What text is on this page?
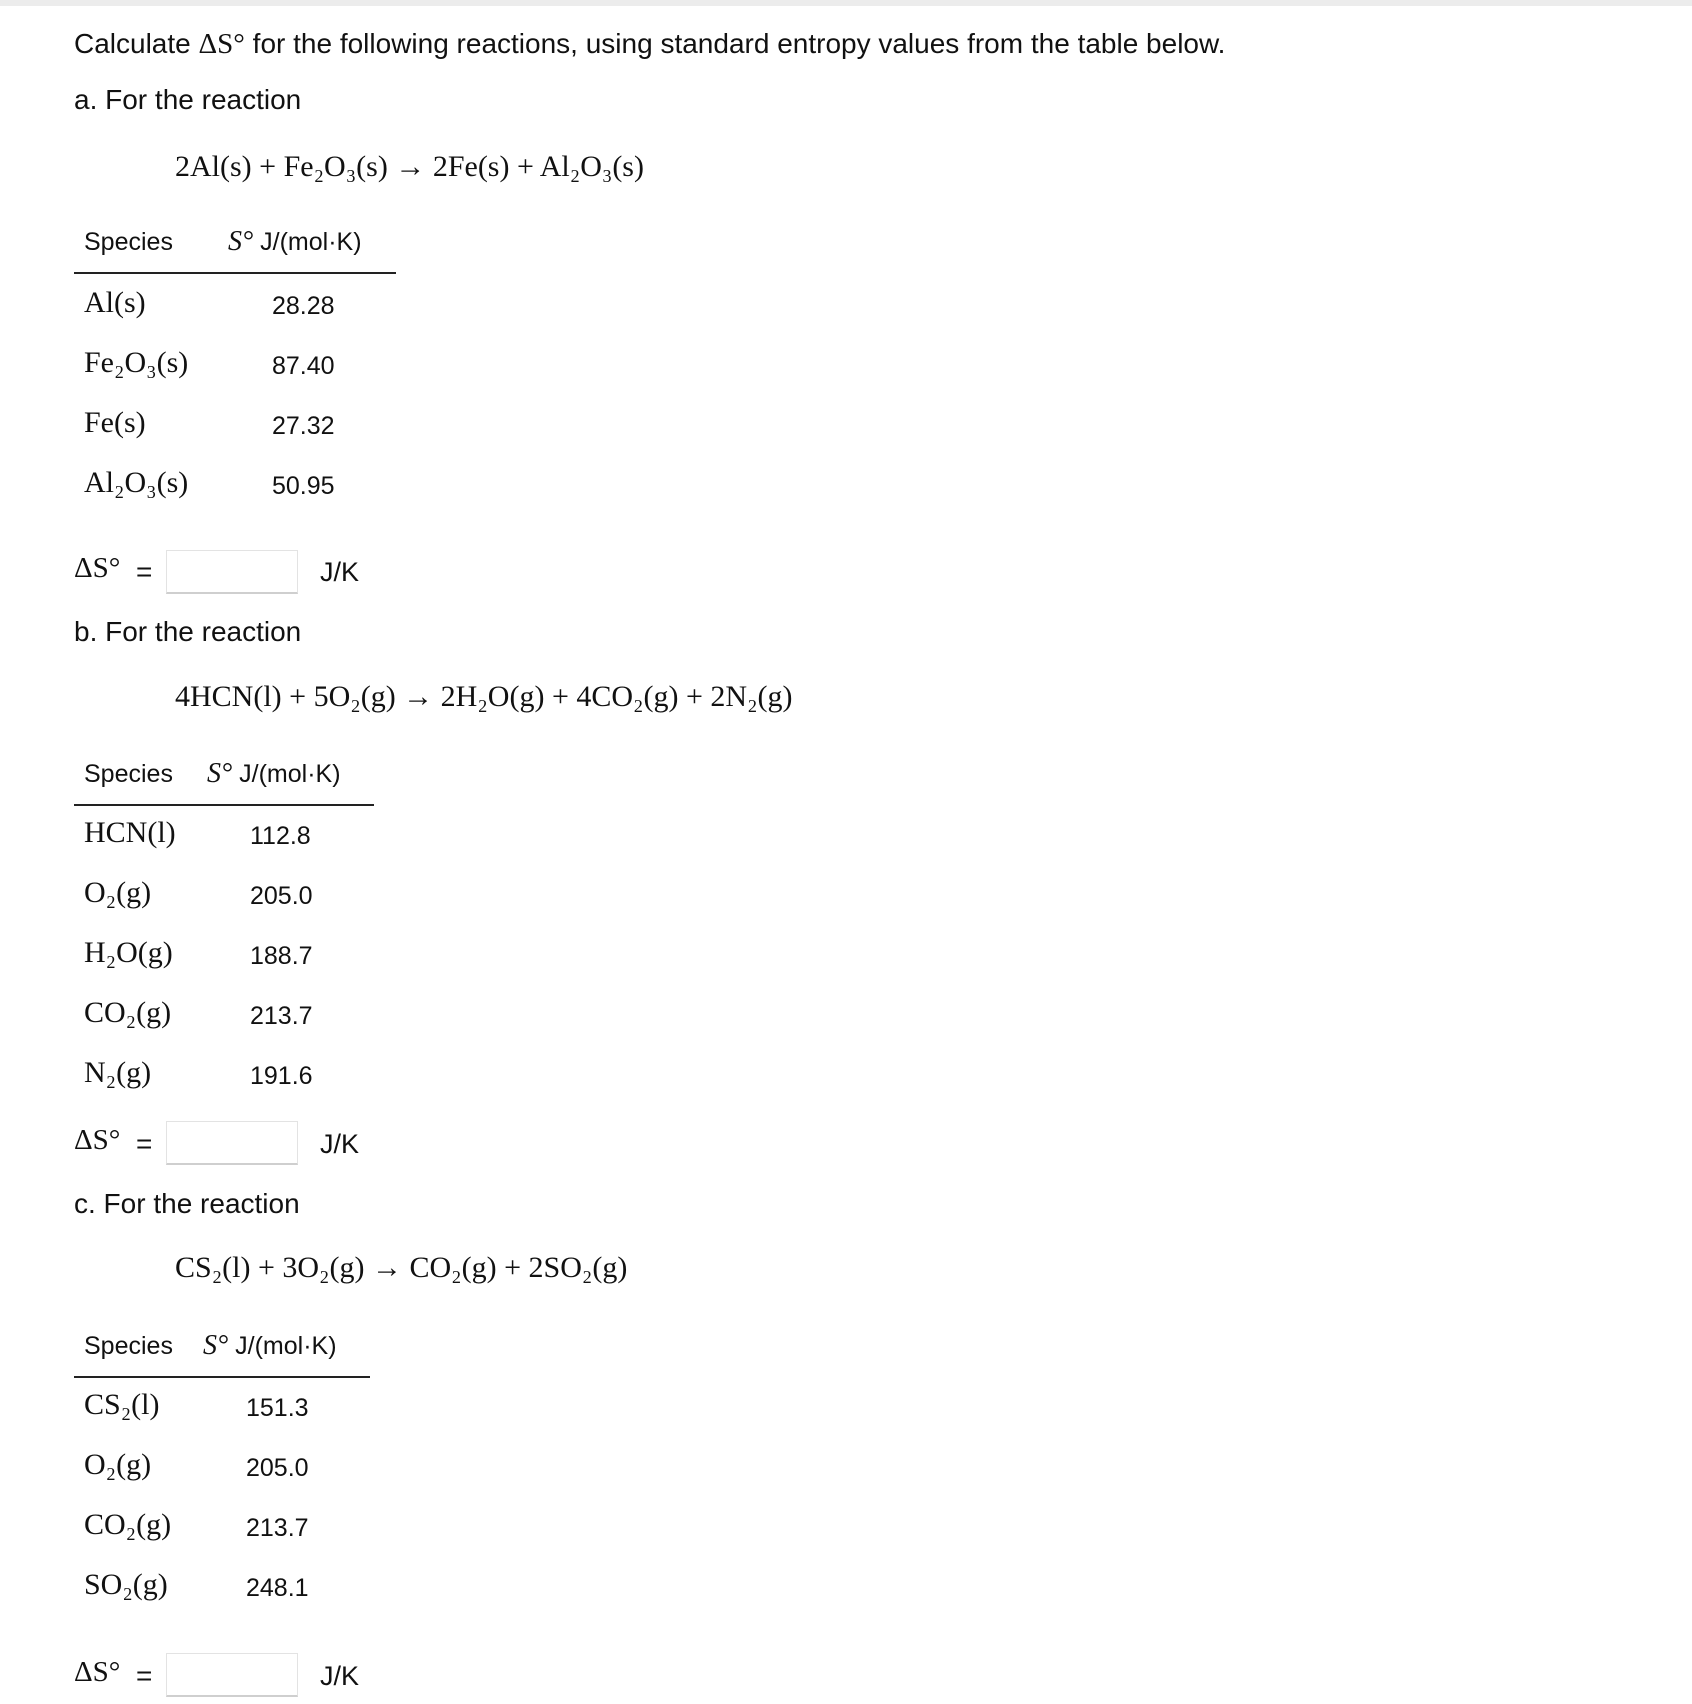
Calculate ΔS° for the following reactions, using standard entropy values from the table below.
a. For the reaction
2Al(s) + Fe₂O₃(s) → 2Fe(s) + Al₂O₃(s)
Species S° J/(mol·K)
Al(s)	28.28
Fe₂O₃(s)	87.40
Fe(s)	27.32
Al₂O₃(s)	50.95
ΔS° =	J/K
b. For the reaction
4HCN(l) + 5O₂(g) → 2H₂O(g) + 4CO₂(g) + 2N₂(g)
Species S° J/(mol·K)
HCN(l)	112.8
O₂(g)	205.0
H₂O(g)	188.7
CO₂(g)	213.7
N₂(g)	191.6
ΔS° =	J/K
c. For the reaction
CS₂(l) + 3O₂(g) → CO₂(g) + 2SO₂(g)
Species S° J/(mol·K)
CS₂(l)	151.3
O₂(g)	205.0
CO₂(g)	213.7
SO₂(g)	248.1
ΔS° =	J/K
